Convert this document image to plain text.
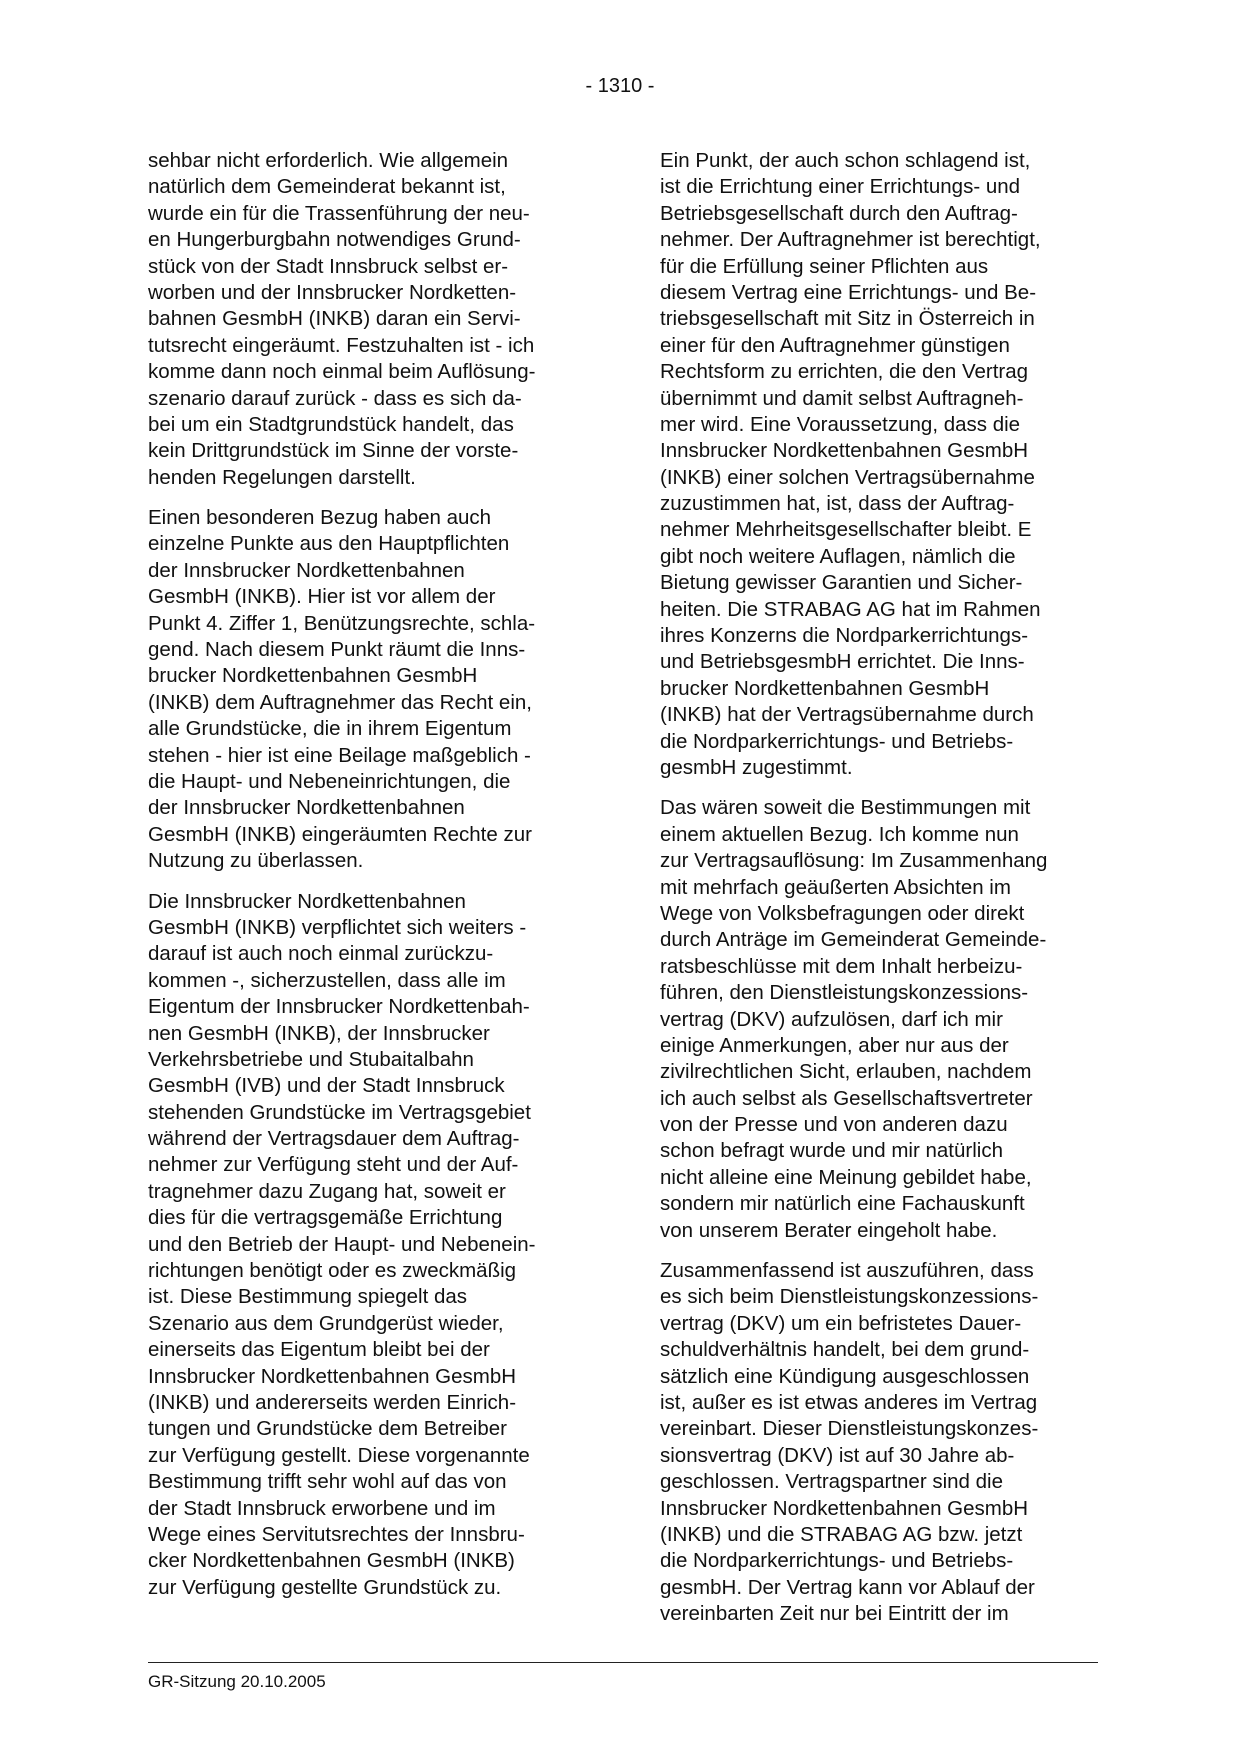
- 1310 -
sehbar nicht erforderlich. Wie allgemein
natürlich dem Gemeinderat bekannt ist,
wurde ein für die Trassenführung der neu-
en Hungerburgbahn notwendiges Grund-
stück von der Stadt Innsbruck selbst er-
worben und der Innsbrucker Nordketten-
bahnen GesmbH (INKB) daran ein Servi-
tutsrecht eingeräumt. Festzuhalten ist - ich
komme dann noch einmal beim Auflösung-
szenario darauf zurück - dass es sich da-
bei um ein Stadtgrundstück handelt, das
kein Drittgrundstück im Sinne der vorste-
henden Regelungen darstellt.
Einen besonderen Bezug haben auch
einzelne Punkte aus den Hauptpflichten
der Innsbrucker Nordkettenbahnen
GesmbH (INKB). Hier ist vor allem der
Punkt 4. Ziffer 1, Benützungsrechte, schla-
gend. Nach diesem Punkt räumt die Inns-
brucker Nordkettenbahnen GesmbH
(INKB) dem Auftragnehmer das Recht ein,
alle Grundstücke, die in ihrem Eigentum
stehen - hier ist eine Beilage maßgeblich -
die Haupt- und Nebeneinrichtungen, die
der Innsbrucker Nordkettenbahnen
GesmbH (INKB) eingeräumten Rechte zur
Nutzung zu überlassen.
Die Innsbrucker Nordkettenbahnen
GesmbH (INKB) verpflichtet sich weiters -
darauf ist auch noch einmal zurückzu-
kommen -, sicherzustellen, dass alle im
Eigentum der Innsbrucker Nordkettenbah-
nen GesmbH (INKB), der Innsbrucker
Verkehrsbetriebe und Stubaitalbahn
GesmbH (IVB) und der Stadt Innsbruck
stehenden Grundstücke im Vertragsgebiet
während der Vertragsdauer dem Auftrag-
nehmer zur Verfügung steht und der Auf-
tragnehmer dazu Zugang hat, soweit er
dies für die vertragsgemäße Errichtung
und den Betrieb der Haupt- und Nebenein-
richtungen benötigt oder es zweckmäßig
ist. Diese Bestimmung spiegelt das
Szenario aus dem Grundgerüst wieder,
einerseits das Eigentum bleibt bei der
Innsbrucker Nordkettenbahnen GesmbH
(INKB) und andererseits werden Einrich-
tungen und Grundstücke dem Betreiber
zur Verfügung gestellt. Diese vorgenannte
Bestimmung trifft sehr wohl auf das von
der Stadt Innsbruck erworbene und im
Wege eines Servitutsrechtes der Innsbru-
cker Nordkettenbahnen GesmbH (INKB)
zur Verfügung gestellte Grundstück zu.
Ein Punkt, der auch schon schlagend ist,
ist die Errichtung einer Errichtungs- und
Betriebsgesellschaft durch den Auftrag-
nehmer. Der Auftragnehmer ist berechtigt,
für die Erfüllung seiner Pflichten aus
diesem Vertrag eine Errichtungs- und Be-
triebsgesellschaft mit Sitz in Österreich in
einer für den Auftragnehmer günstigen
Rechtsform zu errichten, die den Vertrag
übernimmt und damit selbst Auftragneh-
mer wird. Eine Voraussetzung, dass die
Innsbrucker Nordkettenbahnen GesmbH
(INKB) einer solchen Vertragsübernahme
zuzustimmen hat, ist, dass der Auftrag-
nehmer Mehrheitsgesellschafter bleibt. E
gibt noch weitere Auflagen, nämlich die
Bietung gewisser Garantien und Sicher-
heiten. Die STRABAG AG hat im Rahmen
ihres Konzerns die Nordparkerrichtungs-
und BetriebsgesmbH errichtet. Die Inns-
brucker Nordkettenbahnen GesmbH
(INKB) hat der Vertragsübernahme durch
die Nordparkerrichtungs- und Betriebs-
gesmbH zugestimmt.
Das wären soweit die Bestimmungen mit
einem aktuellen Bezug. Ich komme nun
zur Vertragsauflösung: Im Zusammenhang
mit mehrfach geäußerten Absichten im
Wege von Volksbefragungen oder direkt
durch Anträge im Gemeinderat Gemeinde-
ratsbeschlüsse mit dem Inhalt herbeizu-
führen, den Dienstleistungskonzessions-
vertrag (DKV) aufzulösen, darf ich mir
einige Anmerkungen, aber nur aus der
zivilrechtlichen Sicht, erlauben, nachdem
ich auch selbst als Gesellschaftsvertreter
von der Presse und von anderen dazu
schon befragt wurde und mir natürlich
nicht alleine eine Meinung gebildet habe,
sondern mir natürlich eine Fachauskunft
von unserem Berater eingeholt habe.
Zusammenfassend ist auszuführen, dass
es sich beim Dienstleistungskonzessions-
vertrag (DKV) um ein befristetes Dauer-
schuldverhältnis handelt, bei dem grund-
sätzlich eine Kündigung ausgeschlossen
ist, außer es ist etwas anderes im Vertrag
vereinbart. Dieser Dienstleistungskonzes-
sionsvertrag (DKV) ist auf 30 Jahre ab-
geschlossen. Vertragspartner sind die
Innsbrucker Nordkettenbahnen GesmbH
(INKB) und die STRABAG AG bzw. jetzt
die Nordparkerrichtungs- und Betriebs-
gesmbH. Der Vertrag kann vor Ablauf der
vereinbarten Zeit nur bei Eintritt der im
GR-Sitzung 20.10.2005
